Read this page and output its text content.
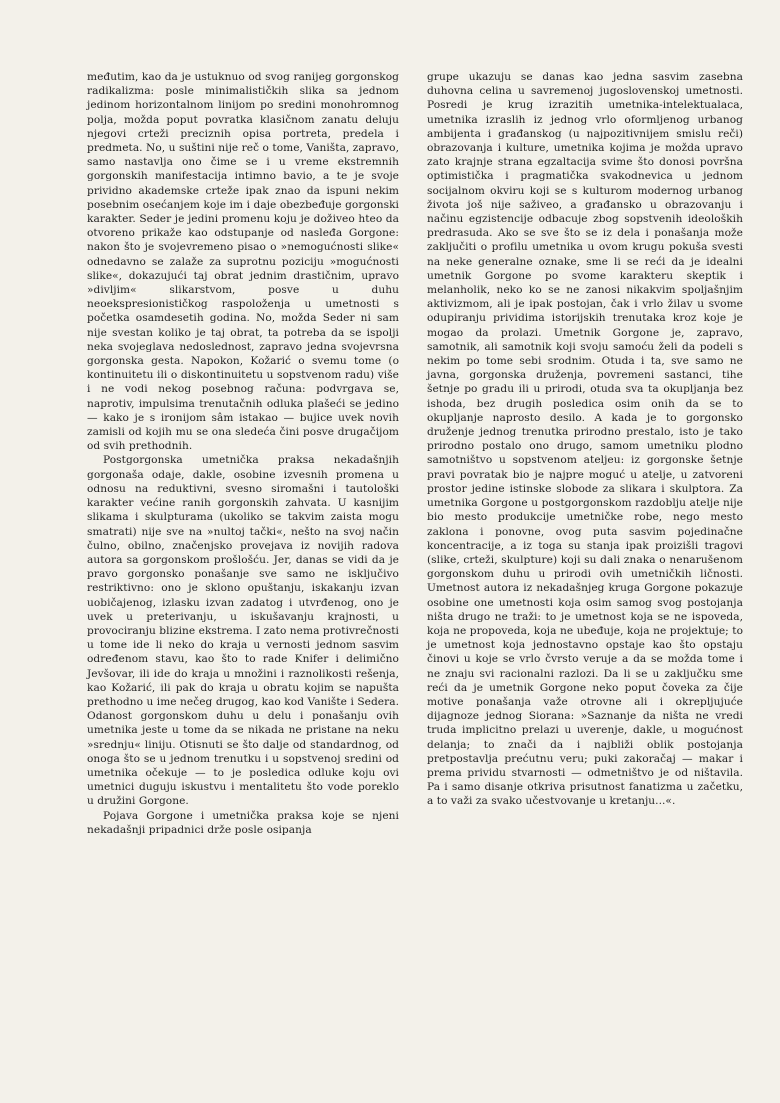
međutim, kao da je ustuknuo od svog ranijeg gorgonskog radikalizma: posle minimalističkih slika sa jednom jedinom horizontalnom linijom po sredini monohromnog polja, možda poput povratka klasičnom zanatu deluju njegovi crteži preciznih opisa portreta, predela i predmeta. No, u suštini nije reč o tome, Vaništa, zapravo, samo nastavlja ono čime se i u vreme ekstremnih gorgonskih manifestacija intimno bavio, a te je svoje prividno akademske crteže ipak znao da ispuni nekim posebnim osećanjem koje im i daje obezbeđuje gorgonski karakter. Seder je jedini promenu koju je doživeo hteo da otvoreno prikaže kao odstupanje od nasleđa Gorgone: nakon što je svojevremeno pisao o »nemogućnosti slike« odnedavno se zalaže za suprotnu poziciju »mogućnosti slike«, dokazujući taj obrat jednim drastičnim, upravo »divljim« slikarstvom, posve u duhu neoekspresionističkog raspoloženja u umetnosti s početka osamdesetih godina. No, možda Seder ni sam nije svestan koliko je taj obrat, ta potreba da se ispolji neka svojeglava nedoslednost, zapravo jedna svojevrsna gorgonska gesta. Napokon, Kožarić o svemu tome (o kontinuitetu ili o diskontinuitetu u sopstvenom radu) više i ne vodi nekog posebnog računa: podvrgava se, naprotiv, impulsima trenutačnih odluka plašeći se jedino — kako je s ironijom sâm istakao — bujice uvek novih zamisli od kojih mu se ona sledeća čini posve drugačijom od svih prethodnih.

Postgorgonska umetnička praksa nekadašnjih gorgonaša odaje, dakle, osobine izvesnih promena u odnosu na reduktivni, svesno siromašni i tautološki karakter većine ranih gorgonskih zahvata. U kasnijim slikama i skulpturama (ukoliko se takvim zaista mogu smatrati) nije sve na »nultoj tački«, nešto na svoj način čulno, obilno, značenjsko provejava iz novijih radova autora sa gorgonskom prošlošću. Jer, danas se vidi da je pravo gorgonsko ponašanje sve samo ne isključivo restriktivno: ono je sklono opuštanju, iskakanju izvan uobičajenog, izlasku izvan zadatog i utvrđenog, ono je uvek u preterivanju, u iskušavanju krajnosti, u provociranju blizine ekstrema. I zato nema protivrečnosti u tome ide li neko do kraja u vernosti jednom sasvim određenom stavu, kao što to rade Knifer i delimično Jevšovar, ili ide do kraja u množini i raznolikosti rešenja, kao Kožarić, ili pak do kraja u obratu kojim se napušta prethodno u ime nečeg drugog, kao kod Vanište i Sedera. Odanost gorgonskom duhu u delu i ponašanju ovih umetnika jeste u tome da se nikada ne pristane na neku »srednju« liniju. Otisnuti se što dalje od standardnog, od onoga što se u jednom trenutku i u sopstvenoj sredini od umetnika očekuje — to je posledica odluke koju ovi umetnici duguju iskustvu i mentalitetu što vode poreklo u družini Gorgone.

Pojava Gorgone i umetnička praksa koje se njeni nekadašnji pripadnici drže posle osipanja

grupe ukazuju se danas kao jedna sasvim zasebna duhovna celina u savremenoj jugoslovenskoj umetnosti. Posredi je krug izrazitih umetnika-intelektualaca, umetnika izraslih iz jednog vrlo oformljenog urbanog ambijenta i građanskog (u najpozitivnijem smislu reči) obrazovanja i kulture, umetnika kojima je možda upravo zato krajnje strana egzaltacija svime što donosi površna optimistička i pragmatička svakodnevica u jednom socijalnom okviru koji se s kulturom modernog urbanog života još nije saživeo, a građansko u obrazovanju i načinu egzistencije odbacuje zbog sopstvenih ideoloških predrasuda. Ako se sve što se iz dela i ponašanja može zaključiti o profilu umetnika u ovom krugu pokuša svesti na neke generalne oznake, sme li se reći da je idealni umetnik Gorgone po svome karakteru skeptik i melanholik, neko ko se ne zanosi nikakvim spoljašnjim aktivizmom, ali je ipak postojan, čak i vrlo žilav u svome odupiranju prividima istorijskih trenutaka kroz koje je mogao da prolazi. Umetnik Gorgone je, zapravo, samotnik, ali samotnik koji svoju samoću želi da podeli s nekim po tome sebi srodnim. Otuda i ta, sve samo ne javna, gorgonska druženja, povremeni sastanci, tihe šetnje po gradu ili u prirodi, otuda sva ta okupljanja bez ishoda, bez drugih posledica osim onih da se to okupljanje naprosto desilo. A kada je to gorgonsko druženje jednog trenutka prirodno prestalo, isto je tako prirodno postalo ono drugo, samom umetniku plodno samotništvo u sopstvenom ateljeu: iz gorgonske šetnje pravi povratak bio je najpre moguć u atelje, u zatvoreni prostor jedine istinske slobode za slikara i skulptora. Za umetnika Gorgone u postgorgonskom razdoblju atelje nije bio mesto produkcije umetničke robe, nego mesto zaklona i ponovne, ovog puta sasvim pojedinačne koncentracije, a iz toga su stanja ipak proizišli tragovi (slike, crteži, skulpture) koji su dali znaka o nenarušenom gorgonskom duhu u prirodi ovih umetničkih ličnosti. Umetnost autora iz nekadašnjeg kruga Gorgone pokazuje osobine one umetnosti koja osim samog svog postojanja ništa drugo ne traži: to je umetnost koja se ne ispoveda, koja ne propoveda, koja ne ubeđuje, koja ne projektuje; to je umetnost koja jednostavno opstaje kao što opstaju činovi u koje se vrlo čvrsto veruje a da se možda tome i ne znaju svi racionalni razlozi. Da li se u zaključku sme reći da je umetnik Gorgone neko poput čoveka za čije motive ponašanja važe otrovne ali i okrepljujuće dijagnoze jednog Siorana: »Saznanje da ništa ne vredi truda implicitno prelazi u uverenje, dakle, u mogućnost delanja; to znači da i najbliži oblik postojanja pretpostavlja prećutnu veru; puki zakoračaj — makar i prema prividu stvarnosti — odmetništvo je od ništavila. Pa i samo disanje otkriva prisutnost fanatizma u začetku, a to važi za svako učestvovanje u kretanju...«.
